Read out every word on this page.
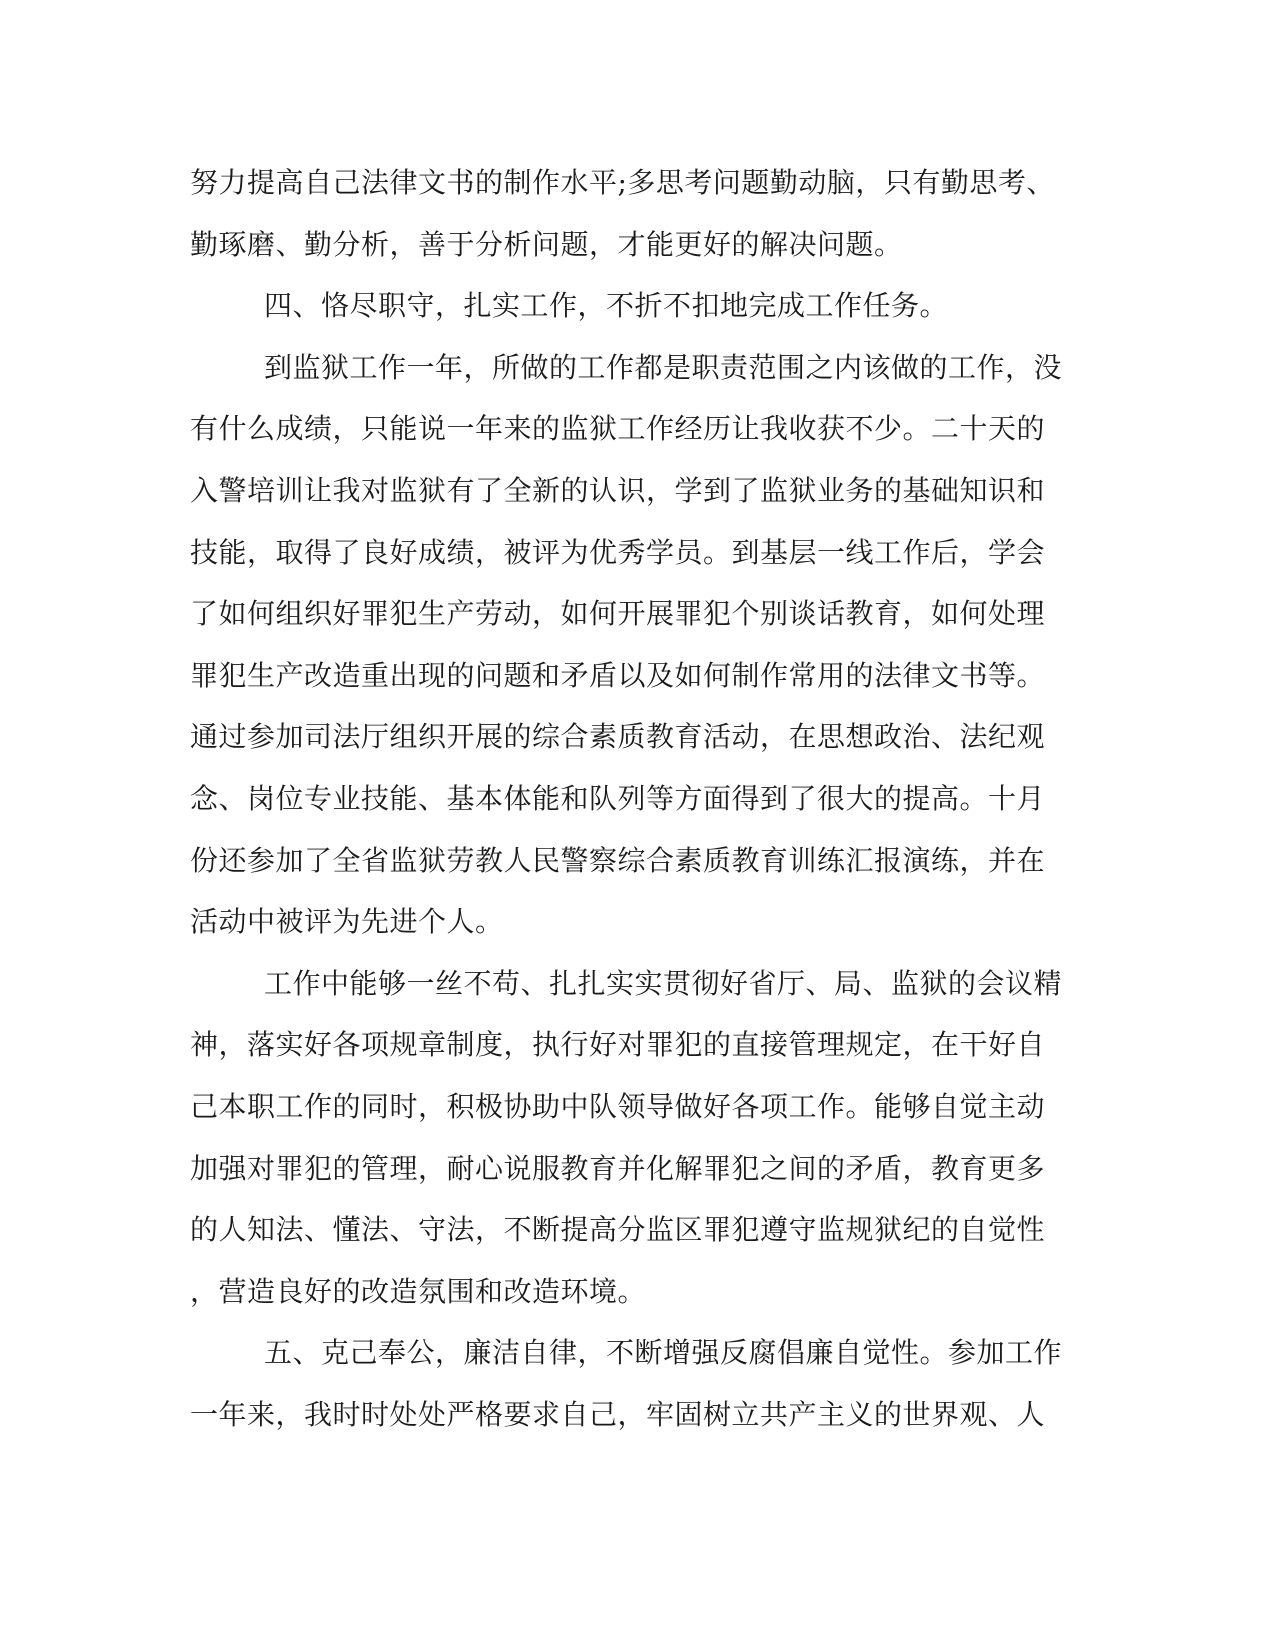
努力提高自己法律文书的制作水平;多思考问题勤动脑，只有勤思考、
勤琢磨、勤分析，善于分析问题，才能更好的解决问题。
四、恪尽职守，扎实工作，不折不扣地完成工作任务。
到监狱工作一年，所做的工作都是职责范围之内该做的工作，没
有什么成绩，只能说一年来的监狱工作经历让我收获不少。二十天的
入警培训让我对监狱有了全新的认识，学到了监狱业务的基础知识和
技能，取得了良好成绩，被评为优秀学员。到基层一线工作后，学会
了如何组织好罪犯生产劳动，如何开展罪犯个别谈话教育，如何处理
罪犯生产改造重出现的问题和矛盾以及如何制作常用的法律文书等。
通过参加司法厅组织开展的综合素质教育活动，在思想政治、法纪观
念、岗位专业技能、基本体能和队列等方面得到了很大的提高。十月
份还参加了全省监狱劳教人民警察综合素质教育训练汇报演练，并在
活动中被评为先进个人。
工作中能够一丝不苟、扎扎实实贯彻好省厅、局、监狱的会议精
神，落实好各项规章制度，执行好对罪犯的直接管理规定，在干好自
己本职工作的同时，积极协助中队领导做好各项工作。能够自觉主动
加强对罪犯的管理，耐心说服教育并化解罪犯之间的矛盾，教育更多
的人知法、懂法、守法，不断提高分监区罪犯遵守监规狱纪的自觉性
，营造良好的改造氛围和改造环境。
五、克己奉公，廉洁自律，不断增强反腐倡廉自觉性。参加工作
一年来，我时时处处严格要求自己，牢固树立共产主义的世界观、人
